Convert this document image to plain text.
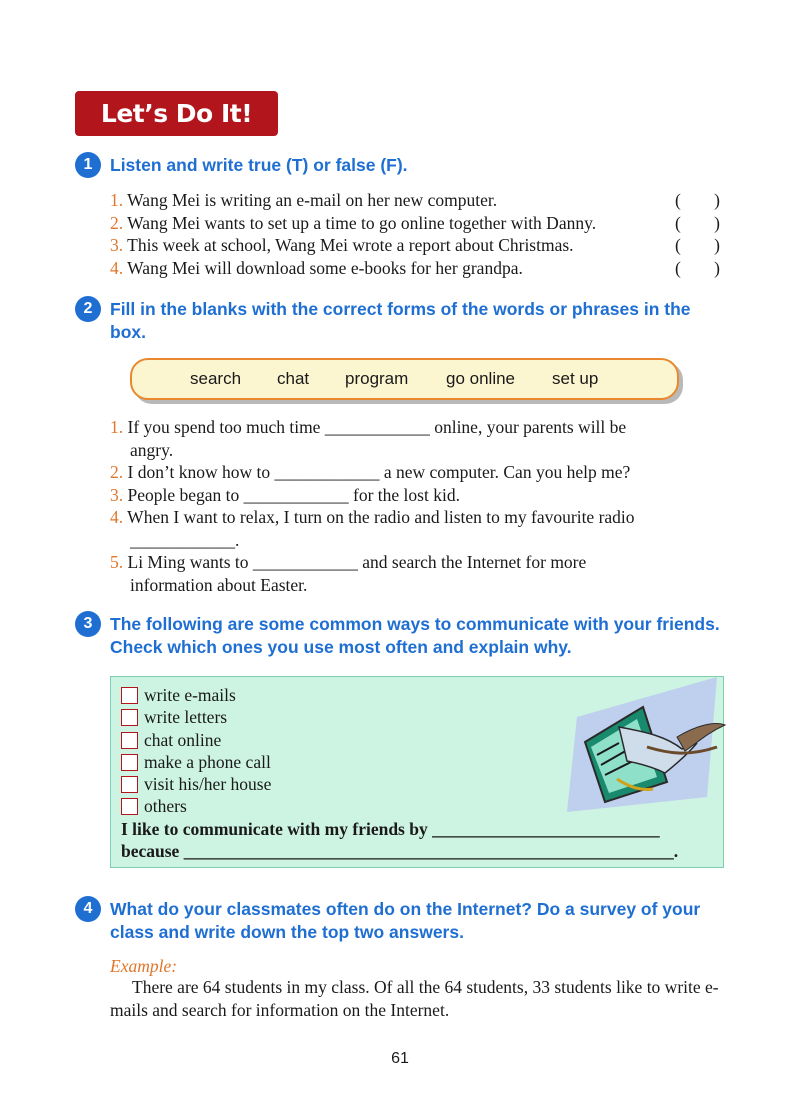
Let’s Do It!
1	Listen and write true (T) or false (F).
1. Wang Mei is writing an e-mail on her new computer.	( )
2. Wang Mei wants to set up a time to go online together with Danny.	( )
3. This week at school, Wang Mei wrote a report about Christmas.	( )
4. Wang Mei will download some e-books for her grandpa.	( )
2	Fill in the blanks with the correct forms of the words or phrases in the box.
search chat program go online set up
1. If you spend too much time ____________ online, your parents will be
angry.
2. I don’t know how to ____________ a new computer. Can you help me?
3. People began to ____________ for the lost kid.
4. When I want to relax, I turn on the radio and listen to my favourite radio
____________.
5. Li Ming wants to ____________ and search the Internet for more
information about Easter.
3	The following are some common ways to communicate with your friends. Check which ones you use most often and explain why.
write e-mails
write letters
chat online
make a phone call
visit his/her house
others
I like to communicate with my friends by __________________________
because ________________________________________________________.
4	What do your classmates often do on the Internet? Do a survey of your class and write down the top two answers.
Example:
There are 64 students in my class. Of all the 64 students, 33 students like to write e-mails and search for information on the Internet.
61
